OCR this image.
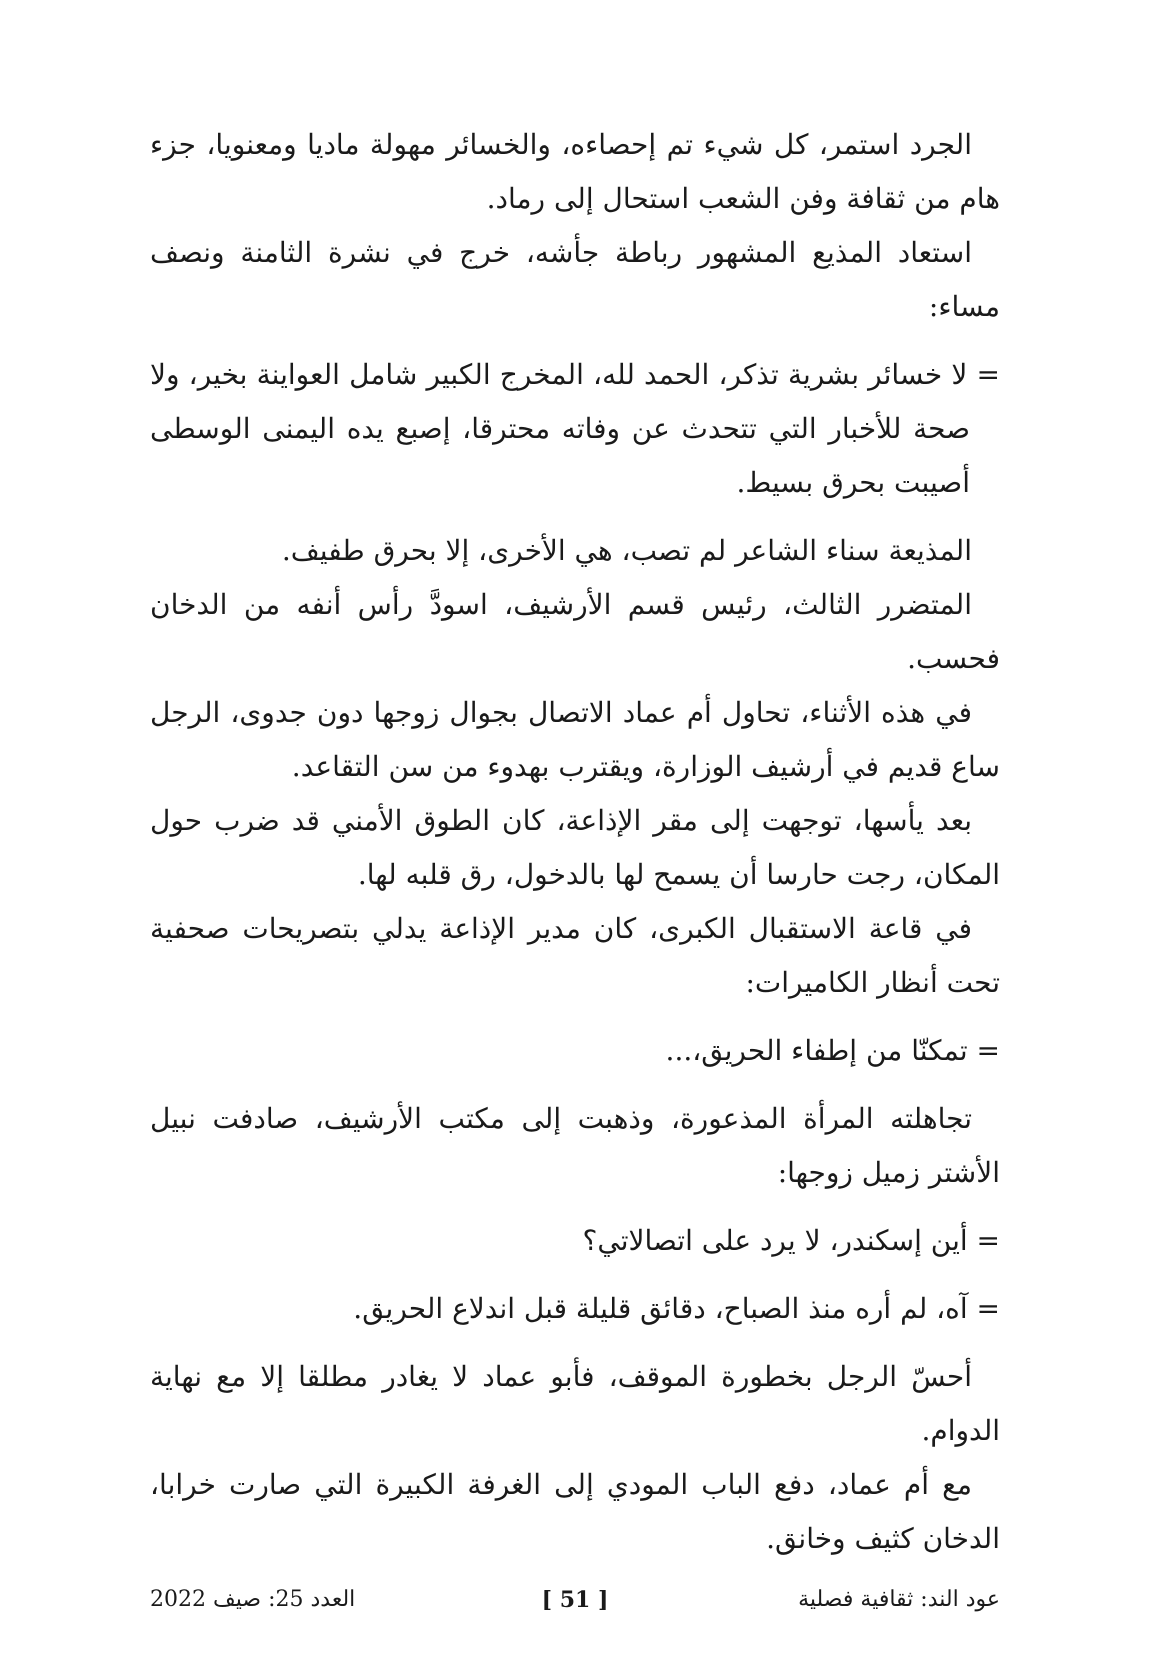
الجرد استمر، كل شيء تم إحصاءه، والخسائر مهولة ماديا ومعنويا، جزء هام من ثقافة وفن الشعب استحال إلى رماد.

استعاد المذيع المشهور رباطة جأشه، خرج في نشرة الثامنة ونصف مساء:

= لا خسائر بشرية تذكر، الحمد لله، المخرج الكبير شامل العواينة بخير، ولا صحة للأخبار التي تتحدث عن وفاته محترقا، إصبع يده اليمنى الوسطى أصيبت بحرق بسيط.

المذيعة سناء الشاعر لم تصب، هي الأخرى، إلا بحرق طفيف.

المتضرر الثالث، رئيس قسم الأرشيف، اسودَّ رأس أنفه من الدخان فحسب.

في هذه الأثناء، تحاول أم عماد الاتصال بجوال زوجها دون جدوى، الرجل ساع قديم في أرشيف الوزارة، ويقترب بهدوء من سن التقاعد.

بعد يأسها، توجهت إلى مقر الإذاعة، كان الطوق الأمني قد ضرب حول المكان، رجت حارسا أن يسمح لها بالدخول، رق قلبه لها.

في قاعة الاستقبال الكبرى، كان مدير الإذاعة يدلي بتصريحات صحفية تحت أنظار الكاميرات:

= تمكنّا من إطفاء الحريق،...

تجاهلته المرأة المذعورة، وذهبت إلى مكتب الأرشيف، صادفت نبيل الأشتر زميل زوجها:

= أين إسكندر، لا يرد على اتصالاتي؟

= آه، لم أره منذ الصباح، دقائق قليلة قبل اندلاع الحريق.

أحسّ الرجل بخطورة الموقف، فأبو عماد لا يغادر مطلقا إلا مع نهاية الدوام.

مع أم عماد، دفع الباب المودي إلى الغرفة الكبيرة التي صارت خرابا، الدخان كثيف وخانق.

عود الند: ثقافية فصلية
[ 51 ]
العدد 25: صيف 2022
